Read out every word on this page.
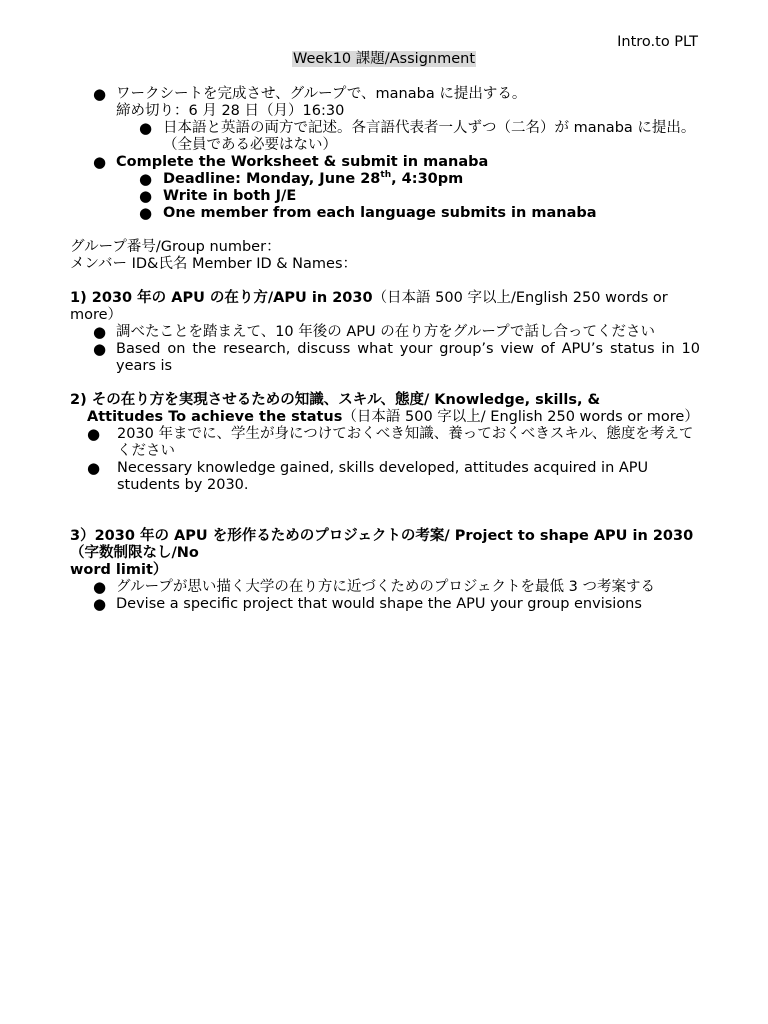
Intro.to PLT
Week10 課題/Assignment
● ワークシートを完成させ、グループで、manaba に提出する。
締め切り：6 月 28 日（月）16:30
● 日本語と英語の両方で記述。各言語代表者一人ずつ（二名）が manaba に提出。（全員である必要はない）
● Complete the Worksheet & submit in manaba
● Deadline: Monday, June 28th, 4:30pm
● Write in both J/E
● One member from each language submits in manaba
グループ番号/Group number：
メンバー ID&氏名 Member ID & Names：
1) 2030 年の APU の在り方/APU in 2030（日本語 500 字以上/English 250 words or more）
● 調べたことを踏まえて、10 年後の APU の在り方をグループで話し合ってください
● Based on the research, discuss what your group’s view of APU’s status in 10 years is
2) その在り方を実現させるための知識、スキル、態度/ Knowledge, skills, &
Attitudes To achieve the status（日本語 500 字以上/ English 250 words or more）
● 2030 年までに、学生が身につけておくべき知識、養っておくべきスキル、態度を考えてください
● Necessary knowledge gained, skills developed, attitudes acquired in APU students by 2030.
3）2030 年の APU を形作るためのプロジェクトの考案/ Project to shape APU in 2030（字数制限なし/No
word limit）
● グループが思い描く大学の在り方に近づくためのプロジェクトを最低 3 つ考案する
● Devise a specific project that would shape the APU your group envisions
